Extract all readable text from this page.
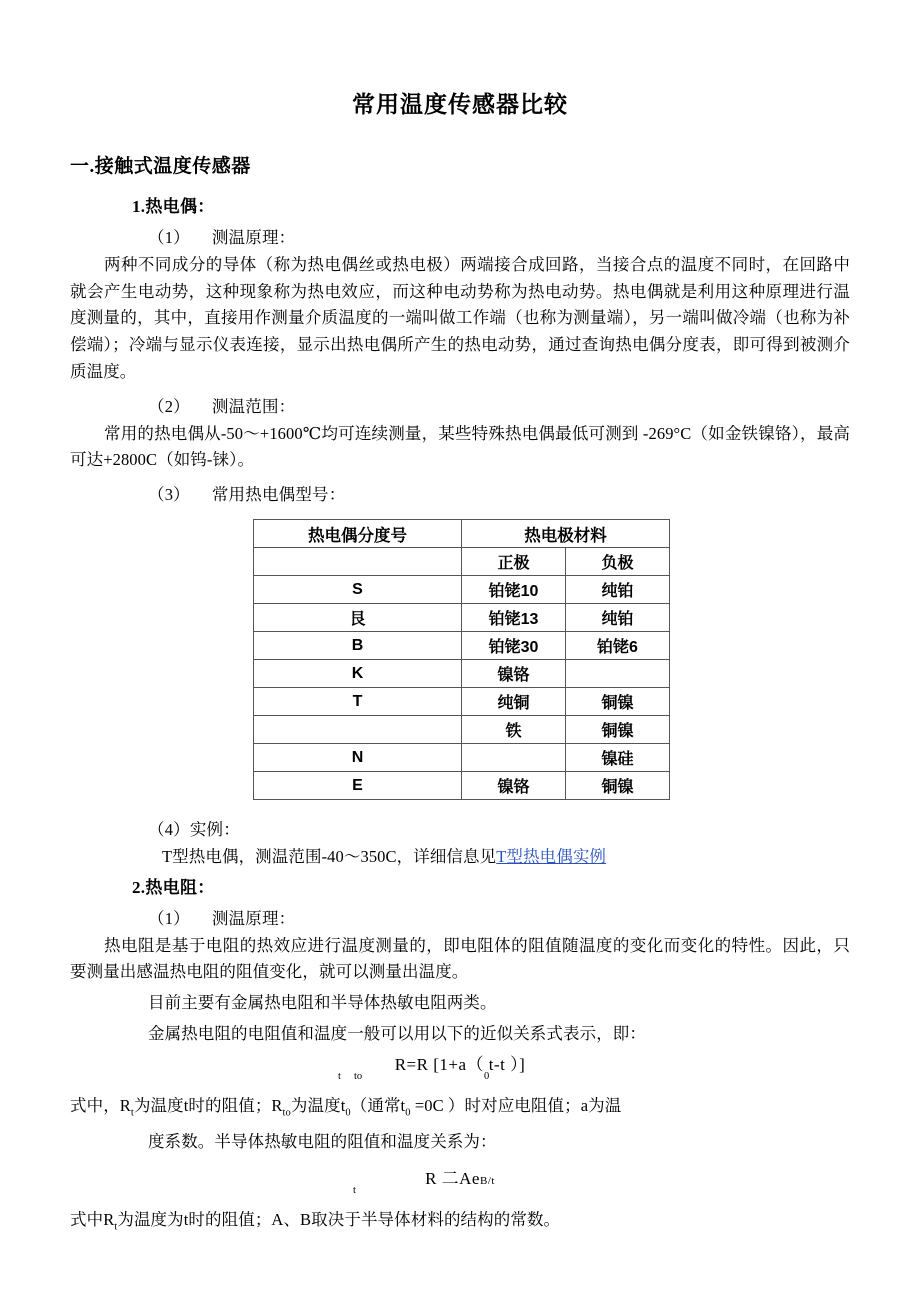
常用温度传感器比较
一.接触式温度传感器
1.热电偶：
（1） 测温原理：
两种不同成分的导体（称为热电偶丝或热电极）两端接合成回路，当接合点的温度不同时，在回路中就会产生电动势，这种现象称为热电效应，而这种电动势称为热电动势。热电偶就是利用这种原理进行温度测量的，其中，直接用作测量介质温度的一端叫做工作端（也称为测量端），另一端叫做冷端（也称为补偿端）；冷端与显示仪表连接，显示出热电偶所产生的热电动势，通过查询热电偶分度表，即可得到被测介质温度。
（2） 测温范围：
常用的热电偶从-50～+1600℃均可连续测量，某些特殊热电偶最低可测到 -269°C（如金铁镍铬），最高可达+2800C（如钨-铼）。
（3） 常用热电偶型号：
热电偶分度号	热电极材料	
	正极	负极
S	铂铑10	纯铂
艮	铂铑13	纯铂
B	铂铑30	铂铑6
K	镍铬	
T	纯铜	铜镍
	铁	铜镍
N		镍硅
E	镍铬	铜镍
（4）实例：
T型热电偶，测温范围-40～350C，详细信息见T型热电偶实例
2.热电阻：
（1） 测温原理：
热电阻是基于电阻的热效应进行温度测量的，即电阻体的阻值随温度的变化而变化的特性。因此，只要测量出感温热电阻的阻值变化，就可以测量出温度。
目前主要有金属热电阻和半导体热敏电阻两类。
金属热电阻的电阻值和温度一般可以用以下的近似关系式表示，即：
R=R [1+a（ t-t ）]
t to	0
式中，$R_t$为温度t时的阻值；$R_{to}$为温度$t_0$（通常$t_0 =0C$ ）时对应电阻值；a为温
度系数。半导体热敏电阻的阻值和温度关系为：
R 二AeB/t
t
式中$R_t$为温度为t时的阻值；A、B取决于半导体材料的结构的常数。
